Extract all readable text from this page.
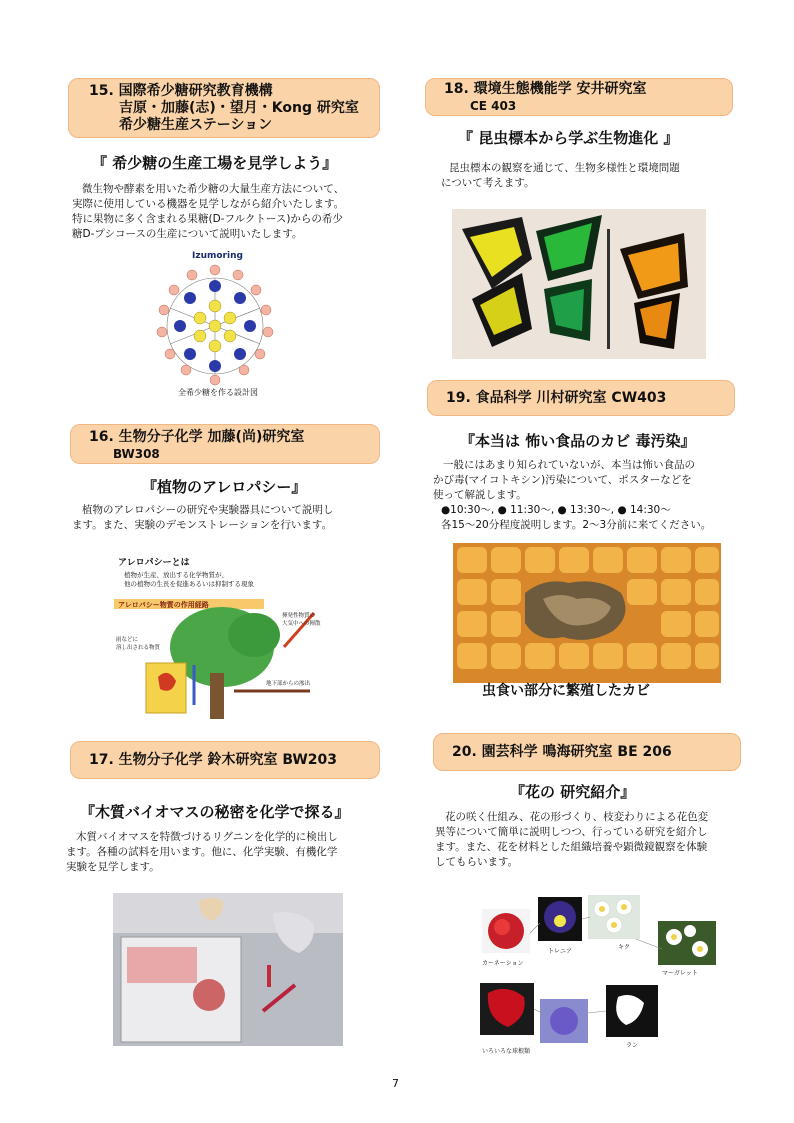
15. 国際希少糖研究教育機構
吉原・加藤(志)・望月・Kong 研究室
希少糖生産ステーション
『 希少糖の生産工場を見学しよう』

微生物や酵素を用いた希少糖の大量生産方法について、

実際に使用している機器を見学しながら紹介いたします。

特に果物に多く含まれる果糖(D-フルクトース)からの希少

糖D-プシコースの生産について説明いたします。

Izumoring
全希少糖を作る設計図
16. 生物分子化学 加藤(尚)研究室
BW308
『植物のアレロパシー』

植物のアレロパシーの研究や実験器具について説明し

ます。また、実験のデモンストレーションを行います。

アレロパシーとは
植物が生産、放出する化学物質が、
他の植物の生長を促進あるいは抑制する現象
アレロパシー物質の作用経路
揮発性物質の
大気中への揮散
雨などに
溶し出される物質
地下部からの滲出
17. 生物分子化学 鈴木研究室 BW203
『木質バイオマスの秘密を化学で探る』

木質バイオマスを特徴づけるリグニンを化学的に検出し

ます。各種の試料を用います。他に、化学実験、有機化学

実験を見学します。

18. 環境生態機能学 安井研究室
CE 403
『 昆虫標本から学ぶ生物進化 』

昆虫標本の観察を通じて、生物多様性と環境問題

について考えます。

19. 食品科学 川村研究室 CW403
『本当は 怖い食品のカビ 毒汚染』

一般にはあまり知られていないが、本当は怖い食品の

かび毒(マイコトキシン)汚染について、ポスターなどを

使って解説します。

●10:30〜, ● 11:30〜, ● 13:30〜, ● 14:30〜

各15〜20分程度説明します。2〜3分前に来てください。

虫食い部分に繁殖したカビ
20. 園芸科学 鳴海研究室 BE 206
『花の 研究紹介』

花の咲く仕組み、花の形づくり、枝変わりによる花色変

異等について簡単に説明しつつ、行っている研究を紹介し

ます。また、花を材料とした組織培養や顕微鏡観察を体験

してもらいます。

カーネーション
トレニア
キク
マーガレット
ラン
いろいろな球根類
7
